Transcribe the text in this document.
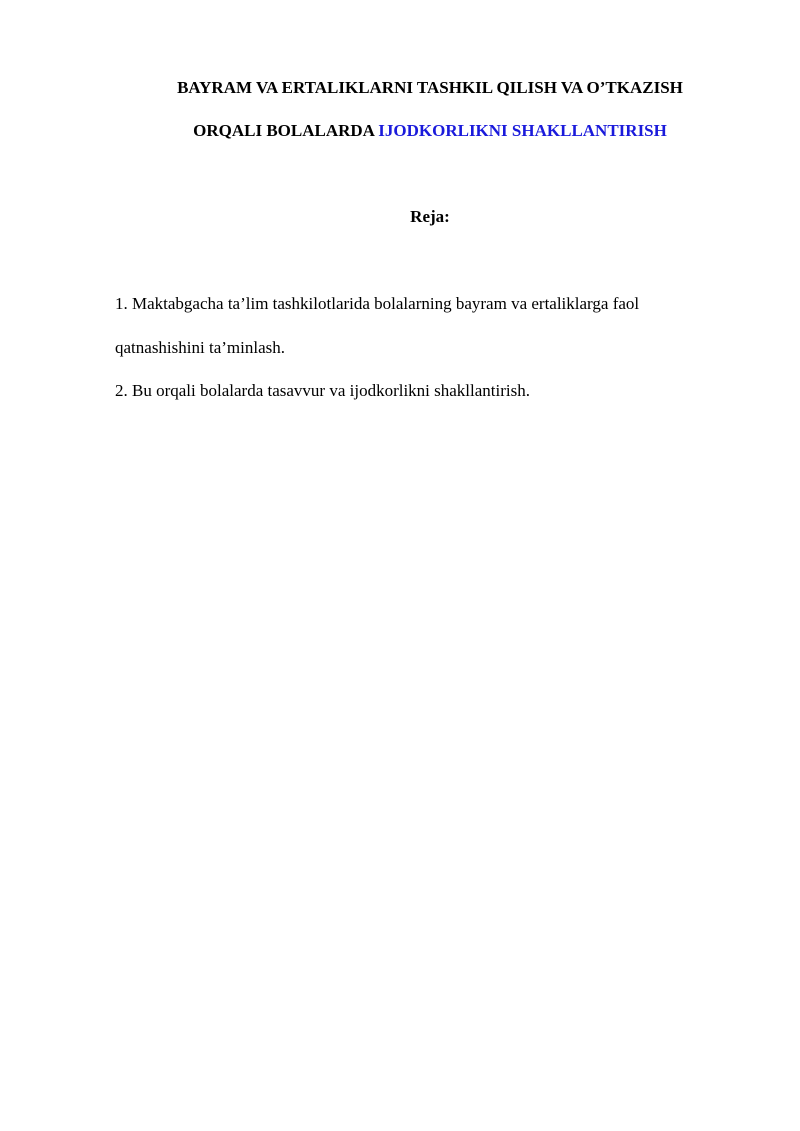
BAYRAM VA ERTALIKLARNI TASHKIL QILISH VA O’TKAZISH
ORQALI BOLALARDA IJODKORLIKNI SHAKLLANTIRISH
Reja:
1. Maktabgacha ta’lim tashkilotlarida bolalarning bayram va ertaliklarga faol
qatnashishini ta’minlash.
2. Bu orqali bolalarda tasavvur va ijodkorlikni shakllantirish.
